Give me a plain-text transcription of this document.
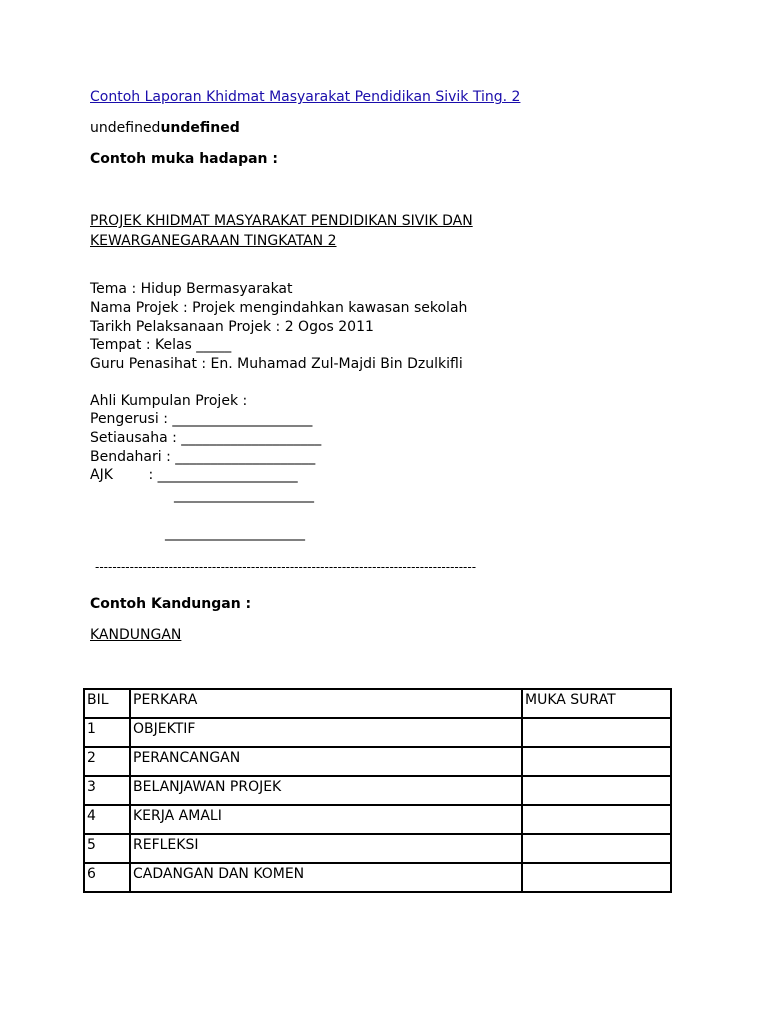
Contoh Laporan Khidmat Masyarakat Pendidikan Sivik Ting. 2
undefinedundefined
Contoh muka hadapan :
PROJEK KHIDMAT MASYARAKAT PENDIDIKAN SIVIK DAN
KEWARGANEGARAAN TINGKATAN 2
Tema : Hidup Bermasyarakat
Nama Projek : Projek mengindahkan kawasan sekolah
Tarikh Pelaksanaan Projek : 2 Ogos 2011
Tempat : Kelas _____
Guru Penasihat : En. Muhamad Zul-Majdi Bin Dzulkifli
Ahli Kumpulan Projek :
Pengerusi : ____________________
Setiausaha : ____________________
Bendahari : ____________________
AJK        : ____________________
____________________
____________________
----------------------------------------------------------------------------------------
Contoh Kandungan :
KANDUNGAN
BIL	PERKARA	MUKA SURAT
1	OBJEKTIF	
2	PERANCANGAN	
3	BELANJAWAN PROJEK	
4	KERJA AMALI	
5	REFLEKSI	
6	CADANGAN DAN KOMEN	
